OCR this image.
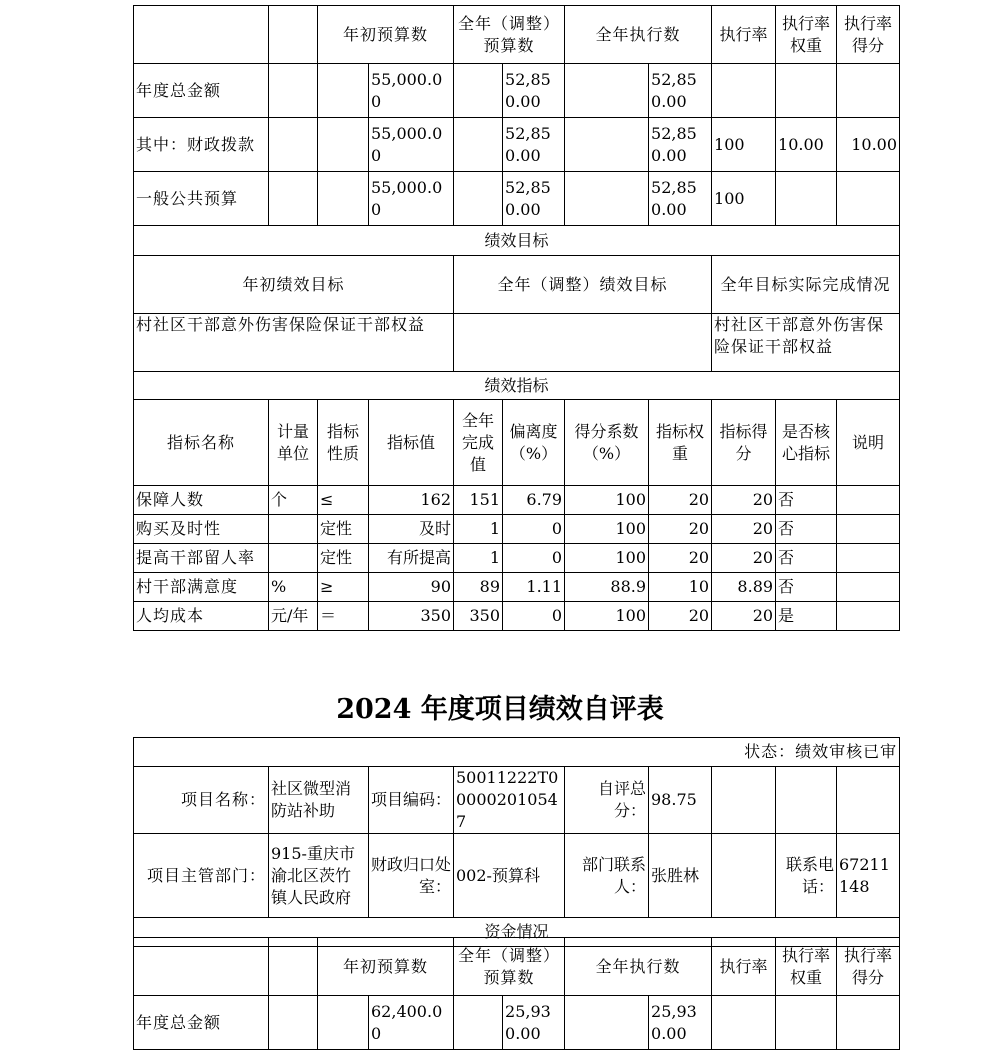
		年初预算数		全年（调整）预算数		全年执行数		执行率	执行率权重	执行率得分
年度总金额			55,000.00		52,850.00		52,850.00			
其中：财政拨款			55,000.00		52,850.00		52,850.00	100	10.00	10.00
一般公共预算			55,000.00		52,850.00		52,850.00	100		
绩效目标										
年初绩效目标				全年（调整）绩效目标				全年目标实际完成情况		
村社区干部意外伤害保险保证干部权益								村社区干部意外伤害保险保证干部权益		
绩效指标										
指标名称	计量单位	指标性质	指标值	全年完成值	偏离度（%）	得分系数（%）	指标权重	指标得分	是否核心指标	说明
保障人数	个	≤	162	151	6.79	100	20	20	否	
购买及时性		定性	及时	1	0	100	20	20	否	
提高干部留人率		定性	有所提高	1	0	100	20	20	否	
村干部满意度	%	≥	90	89	1.11	88.9	10	8.89	否	
人均成本	元/年	＝	350	350	0	100	20	20	是	
2024 年度项目绩效自评表
状态：绩效审核已审								
项目名称：	社区微型消防站补助	项目编码：	50011222T000002010547	自评总分：	98.75			
项目主管部门：	915-重庆市渝北区茨竹镇人民政府	财政归口处室：	002-预算科	部门联系人：	张胜林		联系电话：	67211148
资金情况								
		年初预算数		全年（调整）预算数		全年执行数		执行率	执行率权重	执行率得分
年度总金额			62,400.00		25,930.00		25,930.00			
